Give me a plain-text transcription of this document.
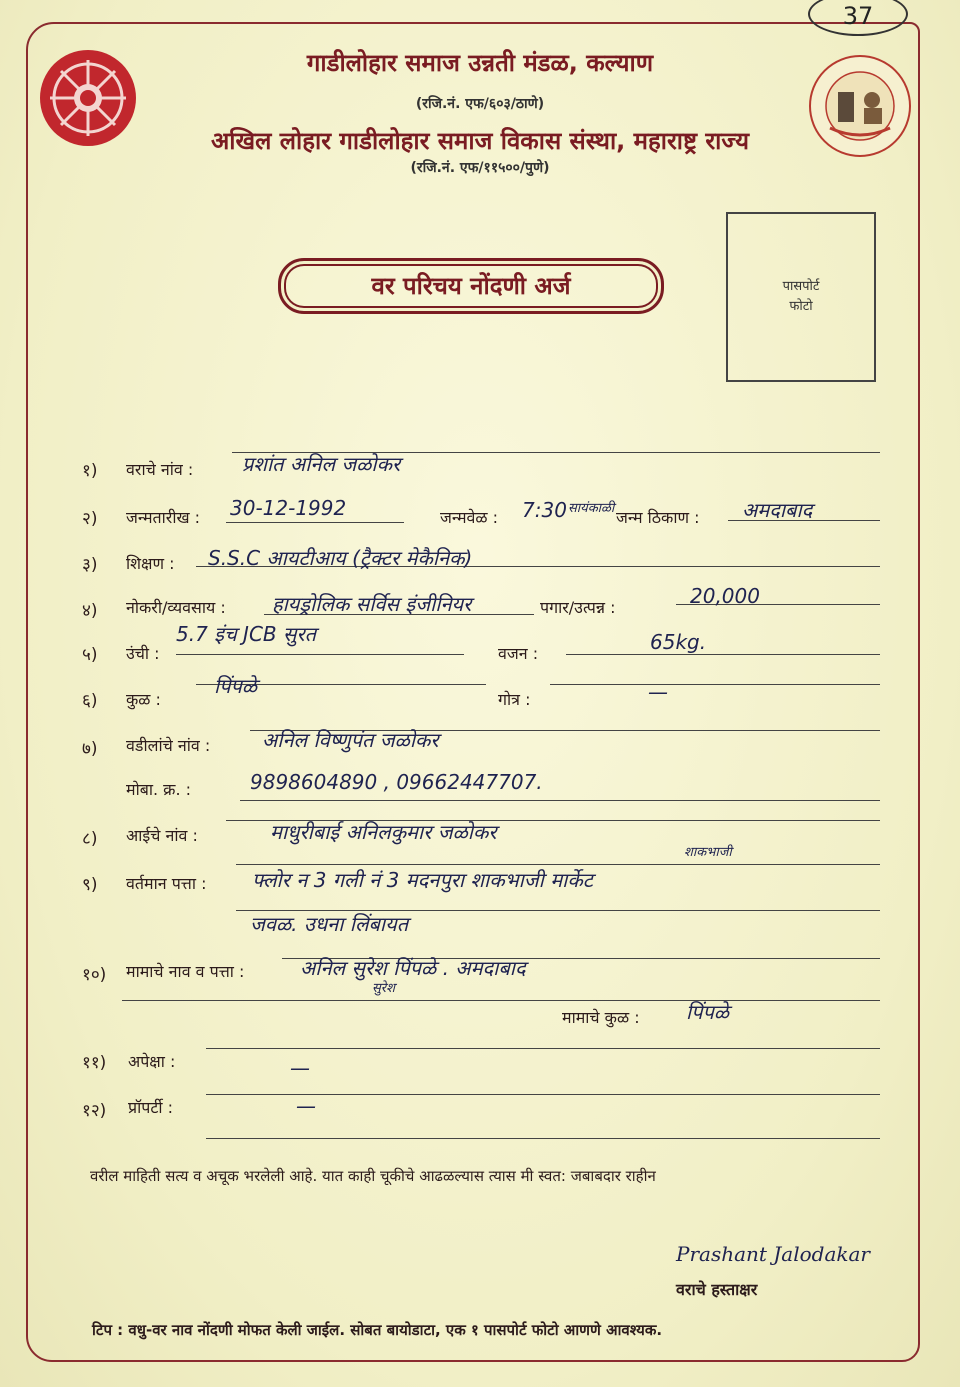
37
गाडीलोहार समाज उन्नती मंडळ, कल्याण
(रजि.नं. एफ/६०३/ठाणे)
अखिल लोहार गाडीलोहार समाज विकास संस्था, महाराष्ट्र राज्य
(रजि.नं. एफ/११५००/पुणे)
वर परिचय नोंदणी अर्ज	पासपोर्ट
फोटो
१) वराचे नांव : प्रशांत अनिल जळोकर
२) जन्मतारीख : 30-12-1992	जन्मवेळ : 7:30 सायंकाळी जन्म ठिकाण : अमदाबाद
३) शिक्षण : S.S.C आयटीआय (ट्रैक्टर मेकैनिक)
४) नोकरी/व्यवसाय : हायड्रोलिक सर्विस इंजीनियर	पगार/उत्पन्न :	20,000
५) उंची :
5.7 इंच JCB सुरत
वजन :	65kg.
६) कुळ :
पिंपळे
गोत्र :	—
७) वडीलांचे नांव :	अनिल विष्णुपंत जळोकर
मोबा. क्र. :	9898604890 , 09662447707.
८) आईचे नांव :	माधुरीबाई अनिलकुमार जळोकर
९) वर्तमान पत्ता :
शाकभाजी
फ्लोर न 3 गली नं 3 मदनपुरा शाकभाजी मार्केट
जवळ. उधना लिंबायत
१०) मामाचे नाव व पत्ता :	अनिल सुरेश पिंपळे . अमदाबाद
सुरेश
मामाचे कुळ : पिंपळे
११) अपेक्षा :	—
१२) प्रॉपर्टी :	—
वरील माहिती सत्य व अचूक भरलेली आहे. यात काही चूकीचे आढळल्यास त्यास मी स्वत: जबाबदार राहीन
Prashant Jalodakar
वराचे हस्ताक्षर
टिप : वधु-वर नाव नोंदणी मोफत केली जाईल. सोबत बायोडाटा, एक १ पासपोर्ट फोटो आणणे आवश्यक.
